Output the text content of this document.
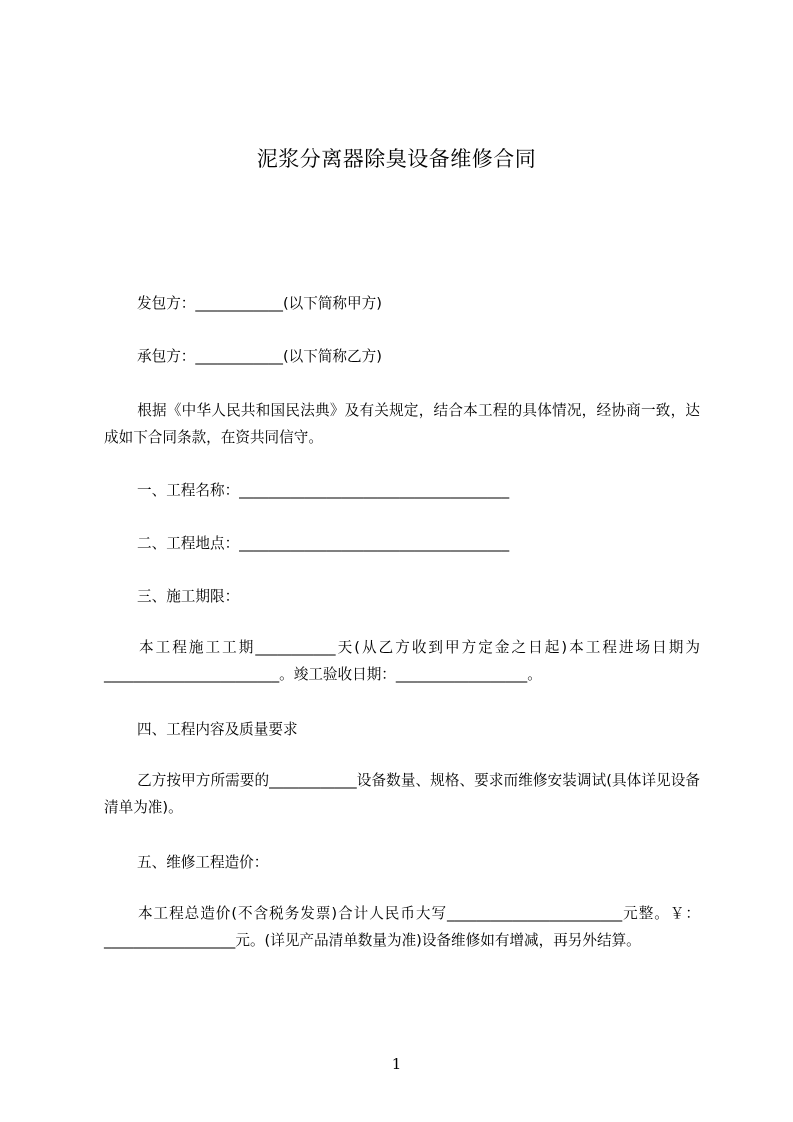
泥浆分离器除臭设备维修合同
发包方：____________(以下简称甲方)
承包方：____________(以下简称乙方)
根据《中华人民共和国民法典》及有关规定，结合本工程的具体情况，经协商一致，达成如下合同条款，在资共同信守。
一、工程名称：_____________________________________
二、工程地点：_____________________________________
三、施工期限：
本工程施工工期___________天(从乙方收到甲方定金之日起)本工程进场日期为________________________。竣工验收日期：__________________。
四、工程内容及质量要求
乙方按甲方所需要的____________设备数量、规格、要求而维修安装调试(具体详见设备清单为准)。
五、维修工程造价：
本工程总造价(不含税务发票)合计人民币大写________________________元整。￥：__________________元。(详见产品清单数量为准)设备维修如有增减，再另外结算。
1
